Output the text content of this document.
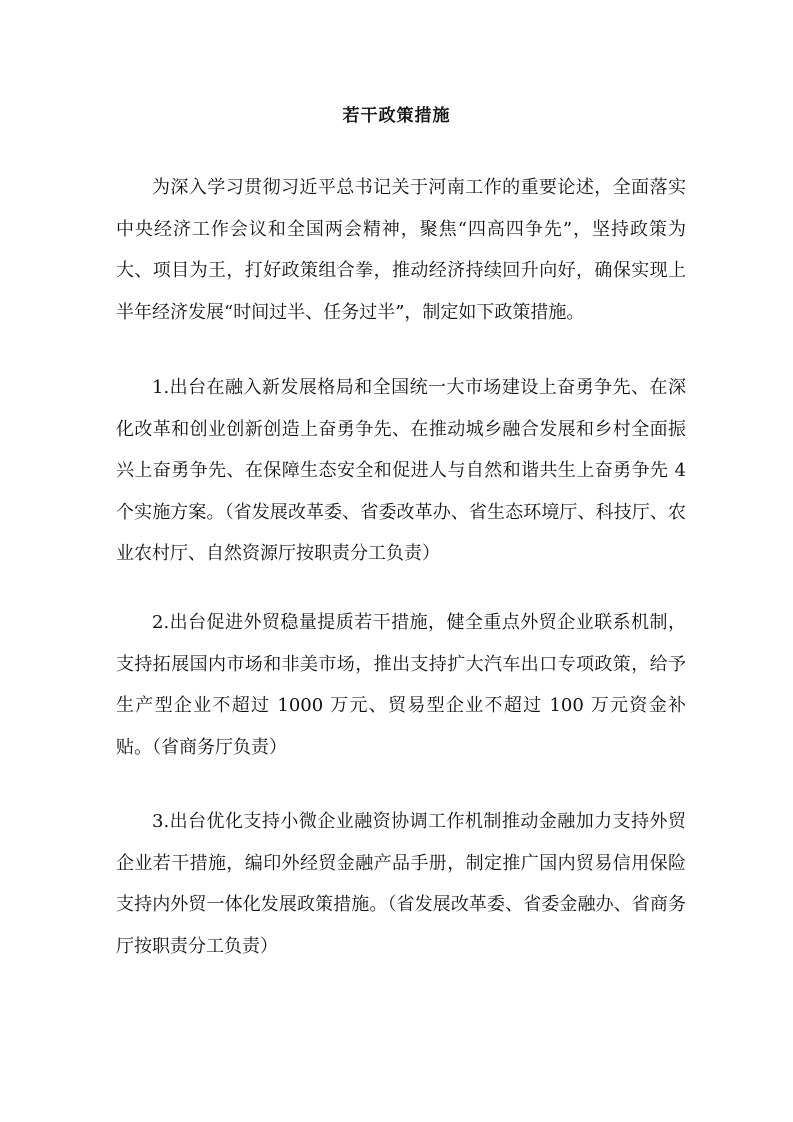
若干政策措施

为深入学习贯彻习近平总书记关于河南工作的重要论述，全面落实中央经济工作会议和全国两会精神，聚焦“四高四争先”，坚持政策为大、项目为王，打好政策组合拳，推动经济持续回升向好，确保实现上半年经济发展“时间过半、任务过半”，制定如下政策措施。

1.出台在融入新发展格局和全国统一大市场建设上奋勇争先、在深化改革和创业创新创造上奋勇争先、在推动城乡融合发展和乡村全面振兴上奋勇争先、在保障生态安全和促进人与自然和谐共生上奋勇争先 4 个实施方案。（省发展改革委、省委改革办、省生态环境厅、科技厅、农业农村厅、自然资源厅按职责分工负责）

2.出台促进外贸稳量提质若干措施，健全重点外贸企业联系机制，支持拓展国内市场和非美市场，推出支持扩大汽车出口专项政策，给予生产型企业不超过 1000 万元、贸易型企业不超过 100 万元资金补贴。（省商务厅负责）

3.出台优化支持小微企业融资协调工作机制推动金融加力支持外贸企业若干措施，编印外经贸金融产品手册，制定推广国内贸易信用保险支持内外贸一体化发展政策措施。（省发展改革委、省委金融办、省商务厅按职责分工负责）
